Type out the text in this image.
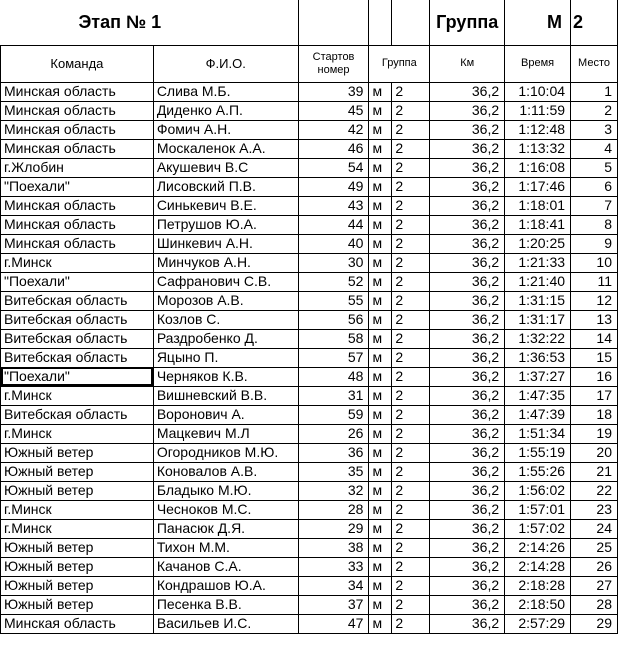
Этап № 1					Группа	М	2
Команда	Ф.И.О.	Стартов номер	Группа		Км	Время	Место
Минская область	Слива М.Б.	39	м	2	36,2	1:10:04	1
Минская область	Диденко А.П.	45	м	2	36,2	1:11:59	2
Минская область	Фомич А.Н.	42	м	2	36,2	1:12:48	3
Минская область	Москаленок А.А.	46	м	2	36,2	1:13:32	4
г.Жлобин	Акушевич В.С	54	м	2	36,2	1:16:08	5
"Поехали"	Лисовский П.В.	49	м	2	36,2	1:17:46	6
Минская область	Синькевич В.Е.	43	м	2	36,2	1:18:01	7
Минская область	Петрушов Ю.А.	44	м	2	36,2	1:18:41	8
Минская область	Шинкевич А.Н.	40	м	2	36,2	1:20:25	9
г.Минск	Минчуков А.Н.	30	м	2	36,2	1:21:33	10
"Поехали"	Сафранович С.В.	52	м	2	36,2	1:21:40	11
Витебская область	Морозов А.В.	55	м	2	36,2	1:31:15	12
Витебская область	Козлов С.	56	м	2	36,2	1:31:17	13
Витебская область	Раздробенко Д.	58	м	2	36,2	1:32:22	14
Витебская область	Яцыно П.	57	м	2	36,2	1:36:53	15
"Поехали"	Черняков К.В.	48	м	2	36,2	1:37:27	16
г.Минск	Вишневский В.В.	31	м	2	36,2	1:47:35	17
Витебская область	Воронович А.	59	м	2	36,2	1:47:39	18
г.Минск	Мацкевич М.Л	26	м	2	36,2	1:51:34	19
Южный ветер	Огородников М.Ю.	36	м	2	36,2	1:55:19	20
Южный ветер	Коновалов А.В.	35	м	2	36,2	1:55:26	21
Южный ветер	Бладыко М.Ю.	32	м	2	36,2	1:56:02	22
г.Минск	Чесноков М.С.	28	м	2	36,2	1:57:01	23
г.Минск	Панасюк Д.Я.	29	м	2	36,2	1:57:02	24
Южный ветер	Тихон М.М.	38	м	2	36,2	2:14:26	25
Южный ветер	Качанов С.А.	33	м	2	36,2	2:14:28	26
Южный ветер	Кондрашов Ю.А.	34	м	2	36,2	2:18:28	27
Южный ветер	Песенка В.В.	37	м	2	36,2	2:18:50	28
Минская область	Васильев И.С.	47	м	2	36,2	2:57:29	29
